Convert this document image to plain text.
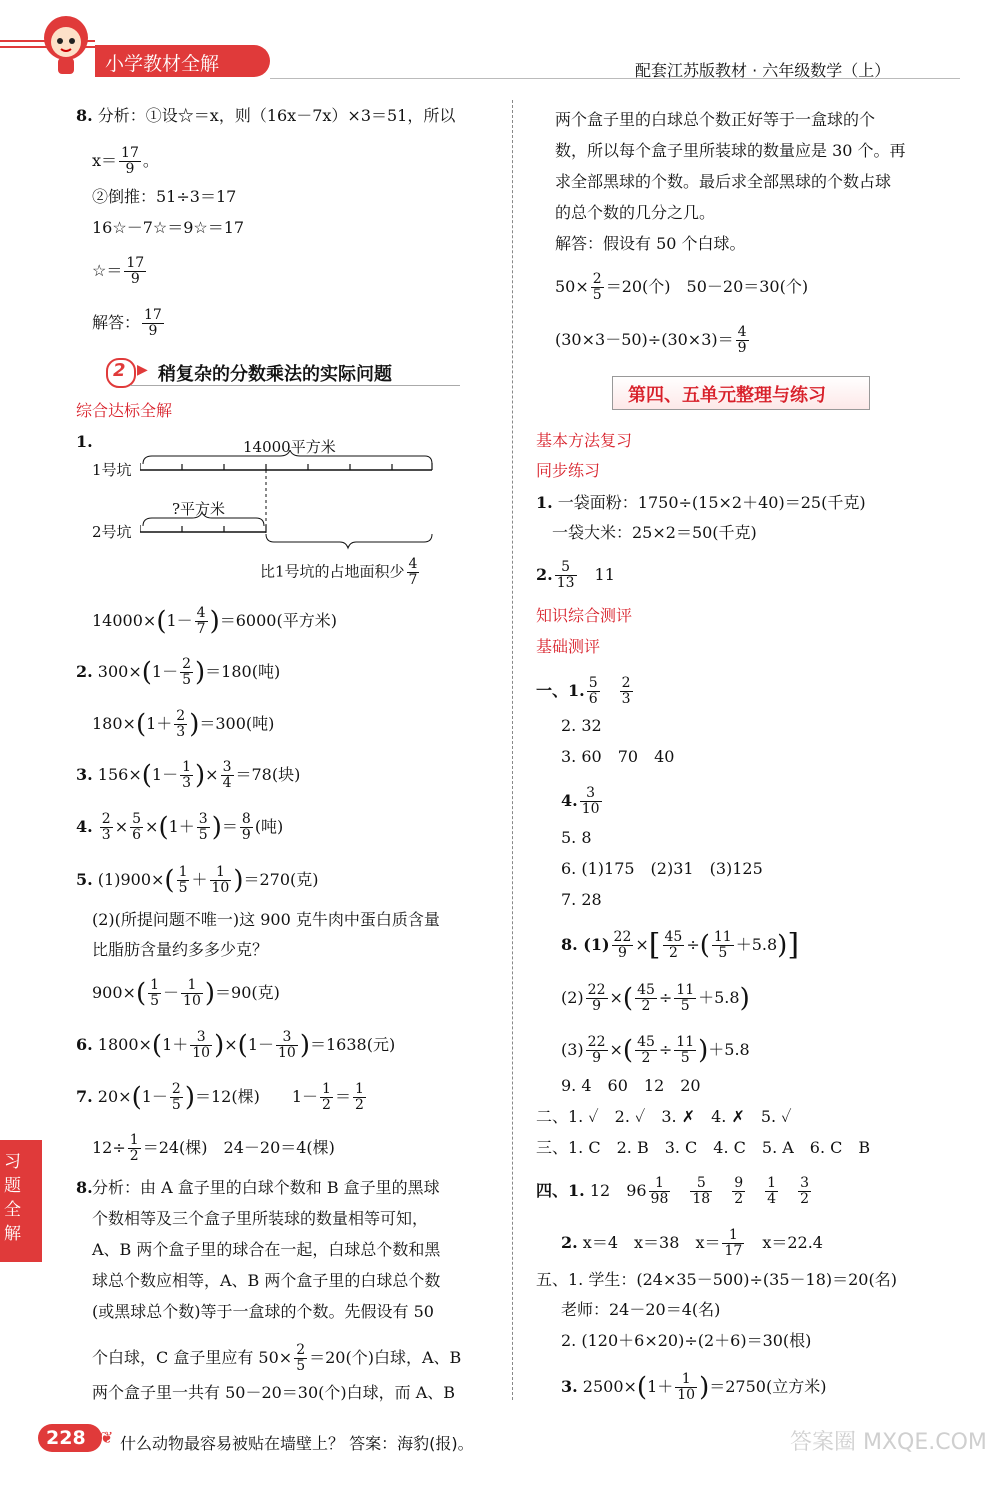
小学教材全解	配套江苏版教材 · 六年级数学（上）
8. 分析：①设☆＝x，则（16x－7x）×3＝51，所以
$x= \frac{17}{9}$ 。
②倒推：51÷3＝17
16☆－7☆＝9☆＝17
☆＝ $\frac{17}{9}$
解答： $\frac{17}{9}$
2 ▶ 稍复杂的分数乘法的实际问题
综合达标全解
1.	14000平方米
1号坑
2号坑
?平方米
比1号坑的占地面积少 $\frac{4}{7}$
$14000\times(1- \frac{4}{7} )=6000$(平方米)
2. $300\times(1- \frac{2}{5} )=180$(吨)
$180\times(1+ \frac{2}{3} )=300$(吨)
3. $156\times(1- \frac{1}{3}$ )× $\frac{3}{4} =78$(块)
4. $\frac{2}{3} \times \frac{5}{6} \times(1+ \frac{3}{5}$ )＝ $\frac{8}{9}$ (吨)
5. $(1)900\times( \frac{1}{5} + \frac{1}{10} )=270$(克)
(2)(所提问题不唯一)这 900 克牛肉中蛋白质含量
比脂肪含量约多多少克？
$900\times( \frac{1}{5} - \frac{1}{10} )=90$(克)
6. $1800\times(1+ \frac{3}{10} )\times(1- \frac{3}{10} )=1638$(元)
7. $20\times(1- \frac{2}{5} )=12$(棵)　　 $1- \frac{1}{2} = \frac{1}{2}$
$12\div \frac{1}{2} =24$(棵)　24－20＝4(棵)
8. 分析：由 A 盒子里的白球个数和 B 盒子里的黑球
个数相等及三个盒子里所装球的数量相等可知，
A、B 两个盒子里的球合在一起，白球总个数和黑
球总个数应相等，A、B 两个盒子里的白球总个数
(或黑球总个数)等于一盒球的个数。先假设有 50
个白球，C 盒子里应有 $50\times \frac{2}{5} =20$(个)白球，A、B
两个盒子里一共有 50－20＝30(个)白球，而 A、B
两个盒子里的白球总个数正好等于一盒球的个
数，所以每个盒子里所装球的数量应是 30 个。再
求全部黑球的个数。最后求全部黑球的个数占球
的总个数的几分之几。
解答：假设有 50 个白球。
$50\times \frac{2}{5} =20$(个)　50－20＝30(个)
$(30\times 3-50)\div(30\times 3)= \frac{4}{9}$
第四、五单元整理与练习
基本方法复习
同步练习
1. 一袋面粉：1750÷(15×2＋40)＝25(千克)
一袋大米：25×2＝50(千克)
2. $\frac{5}{13}$
　 11
知识综合测评
基础测评
一、1. $\frac{5}{6}$
　 $\frac{2}{3}$
2. 32
3. 60　70　40
4. $\frac{3}{10}$
5. 8
6. (1)175　(2)31　(3)125
7. 28
8. $(1) \frac{22}{9}$ ×[ $\frac{45}{2}$ ÷( $\frac{11}{5} +5.8$)]
$(2) \frac{22}{9}$ ×( $\frac{45}{2} \div \frac{11}{5} +5.8$)
$(3) \frac{22}{9}$ ×( $\frac{45}{2} \div \frac{11}{5} )+5.8$
9. 4　60　12　20
二、1. ✓　2. ✓　3. ✗　4. ✗　5. ✓
三、1. C　2. B　3. C　4. C　5. A　6. C　B
四、1. 12　 $96 \frac{1}{98}$
　 $\frac{5}{18}$
　 $\frac{9}{2}$
　 $\frac{1}{4}$
　 $\frac{3}{2}$
2. x＝4　 x＝38　 $x= \frac{1}{17}$
　 x＝22.4
五、1. 学生：(24×35－500)÷(35－18)＝20(名)
老师：24－20＝4(名)
2. (120＋6×20)÷(2＋6)＝30(根)
3. $2500\times(1+ \frac{1}{10} )=2750$(立方米)
习题全解
228 ❦ 什么动物最容易被贴在墙壁上？ 答案：海豹(报)。	答案圈 MXQE.COM
